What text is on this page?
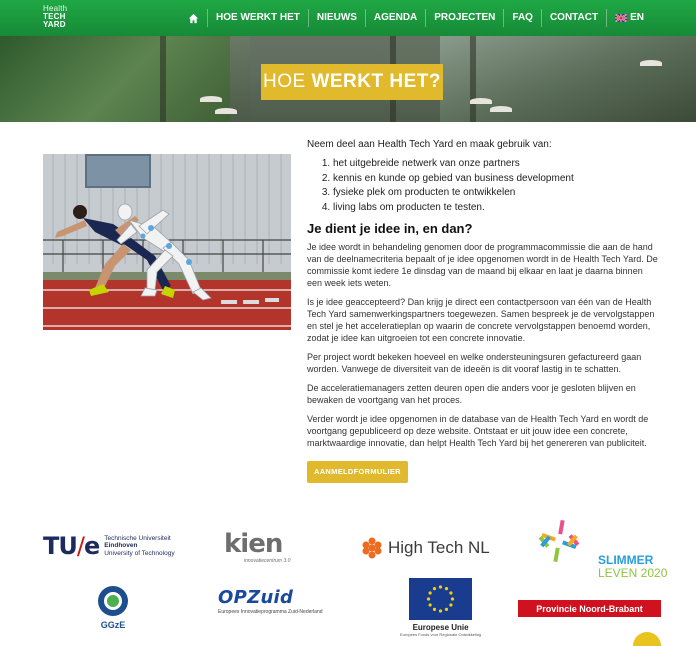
Health
TECH
YARD
HOE WERKT HET NIEUWS AGENDA PROJECTEN FAQ CONTACT	EN
HOE WERKT HET?

Neem deel aan Health Tech Yard en maak gebruik van:

1. het uitgebreide netwerk van onze partners
2. kennis en kunde op gebied van business development
3. fysieke plek om producten te ontwikkelen
4. living labs om producten te testen.
Je dient je idee in, en dan?

Je idee wordt in behandeling genomen door de programmacommissie die aan de hand van de deelnamecriteria bepaalt of je idee opgenomen wordt in de Health Tech Yard. De commissie komt iedere 1e dinsdag van de maand bij elkaar en laat je daarna binnen een week iets weten.

Is je idee geaccepteerd? Dan krijg je direct een contactpersoon van één van de Health Tech Yard samenwerkingspartners toegewezen. Samen bespreek je de vervolgstappen en stel je het acceleratieplan op waarin de concrete vervolgstappen benoemd worden, zodat je idee kan uitgroeien tot een concrete innovatie.

Per project wordt bekeken hoeveel en welke ondersteuningsuren gefactureerd gaan worden. Vanwege de diversiteit van de ideeën is dit vooraf lastig in te schatten.

De acceleratiemanagers zetten deuren open die anders voor je gesloten blijven en bewaken de voortgang van het proces.

Verder wordt je idee opgenomen in de database van de Health Tech Yard en wordt de voortgang gepubliceerd op deze website. Ontstaat er uit jouw idee een concrete, marktwaardige innovatie, dan helpt Health Tech Yard bij het genereren van publiciteit.

AANMELDFORMULIER
TU/e Technische Universiteit
Eindhoven
University of Technology kien
innovatiecentrum 3.0
High Tech NL
SLIMMER
LEVEN 2020
GGzE
OPZuid
Europees Innovatieprogramma Zuid-Nederland
Europese Unie
Europees Fonds voor Regionale Ontwikkeling
Provincie Noord-Brabant
